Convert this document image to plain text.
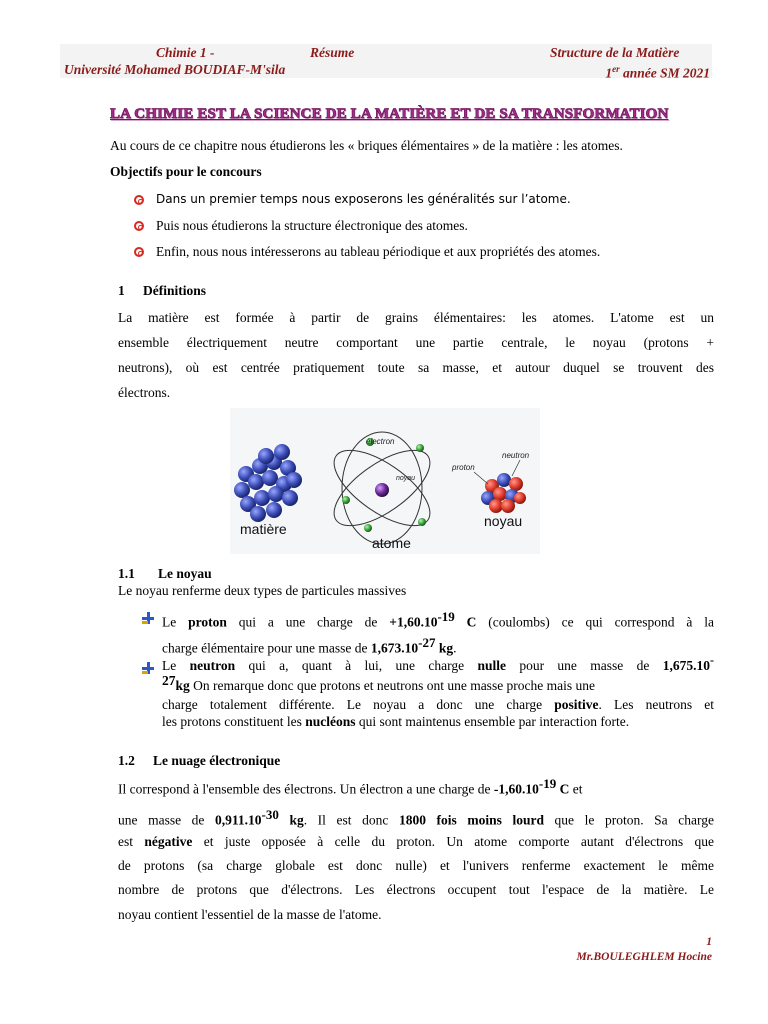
Chimie 1 -	Résume	Structure de la Matière
Université Mohamed BOUDIAF-M'sila	1er année SM 2021
LA CHIMIE EST LA SCIENCE DE LA MATIÈRE ET DE SA TRANSFORMATION
Au cours de ce chapitre nous étudierons les « briques élémentaires » de la matière : les atomes.
Objectifs pour le concours
Dans un premier temps nous exposerons les généralités sur l’atome.
Puis nous étudierons la structure électronique des atomes.
Enfin, nous nous intéresserons au tableau périodique et aux propriétés des atomes.
1 Définitions
La matière est formée à partir de grains élémentaires: les atomes. L'atome est un
ensemble électriquement neutre comportant une partie centrale, le noyau (protons +
neutrons), où est centrée pratiquement toute sa masse, et autour duquel se trouvent des
électrons.
matière
électron
noyau
atome
proton
neutron
noyau
1.1 Le noyau
Le noyau renferme deux types de particules massives
Le proton qui a une charge de $+1,60.10^{-19}$ C (coulombs) ce qui correspond à la
charge élémentaire pour une masse de $1,673.10^{-27}$ kg.
Le neutron qui a, quant à lui, une charge nulle pour une masse de 1,675.10 -
27kg On remarque donc que protons et neutrons ont une masse proche mais une
charge totalement différente. Le noyau a donc une charge positive. Les neutrons et
les protons constituent les nucléons qui sont maintenus ensemble par interaction forte.
1.2 Le nuage électronique
Il correspond à l'ensemble des électrons. Un électron a une charge de $-1,60.10^{-19}$ C et
une masse de $0,911.10^{-30}$ kg. Il est donc 1800 fois moins lourd que le proton. Sa charge
est négative et juste opposée à celle du proton. Un atome comporte autant d'électrons que
de protons (sa charge globale est donc nulle) et l'univers renferme exactement le même
nombre de protons que d'électrons. Les électrons occupent tout l'espace de la matière. Le
noyau contient l'essentiel de la masse de l'atome.
1
Mr.BOULEGHLEM Hocine
